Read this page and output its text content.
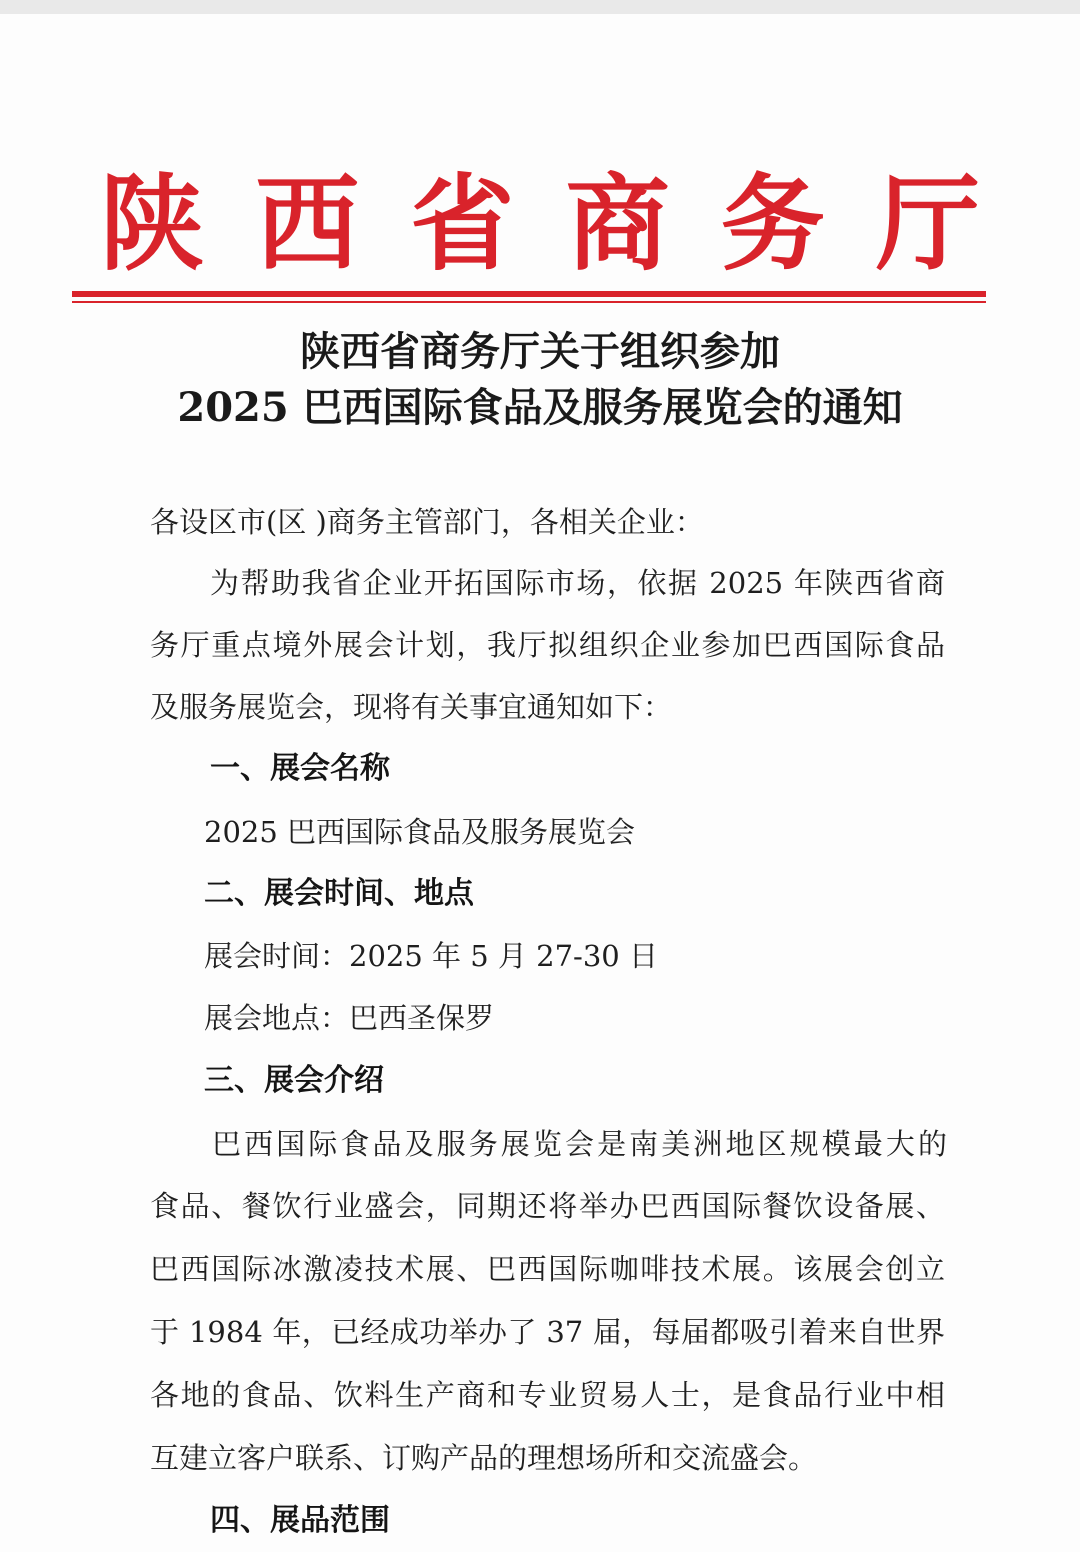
陕 西 省 商 务 厅
陕西省商务厅关于组织参加
2025 巴西国际食品及服务展览会的通知
各设区市(区 )商务主管部门，各相关企业：
为帮助我省企业开拓国际市场，依据 2025 年陕西省商
务厅重点境外展会计划，我厅拟组织企业参加巴西国际食品
及服务展览会，现将有关事宜通知如下：
一、展会名称
2025 巴西国际食品及服务展览会
二、展会时间、地点
展会时间：2025 年 5 月 27-30 日
展会地点：巴西圣保罗
三、展会介绍
巴西国际食品及服务展览会是南美洲地区规模最大的
食品、餐饮行业盛会，同期还将举办巴西国际餐饮设备展、
巴西国际冰激凌技术展、巴西国际咖啡技术展。该展会创立
于 1984 年，已经成功举办了 37 届，每届都吸引着来自世界
各地的食品、饮料生产商和专业贸易人士，是食品行业中相
互建立客户联系、订购产品的理想场所和交流盛会。
四、展品范围
